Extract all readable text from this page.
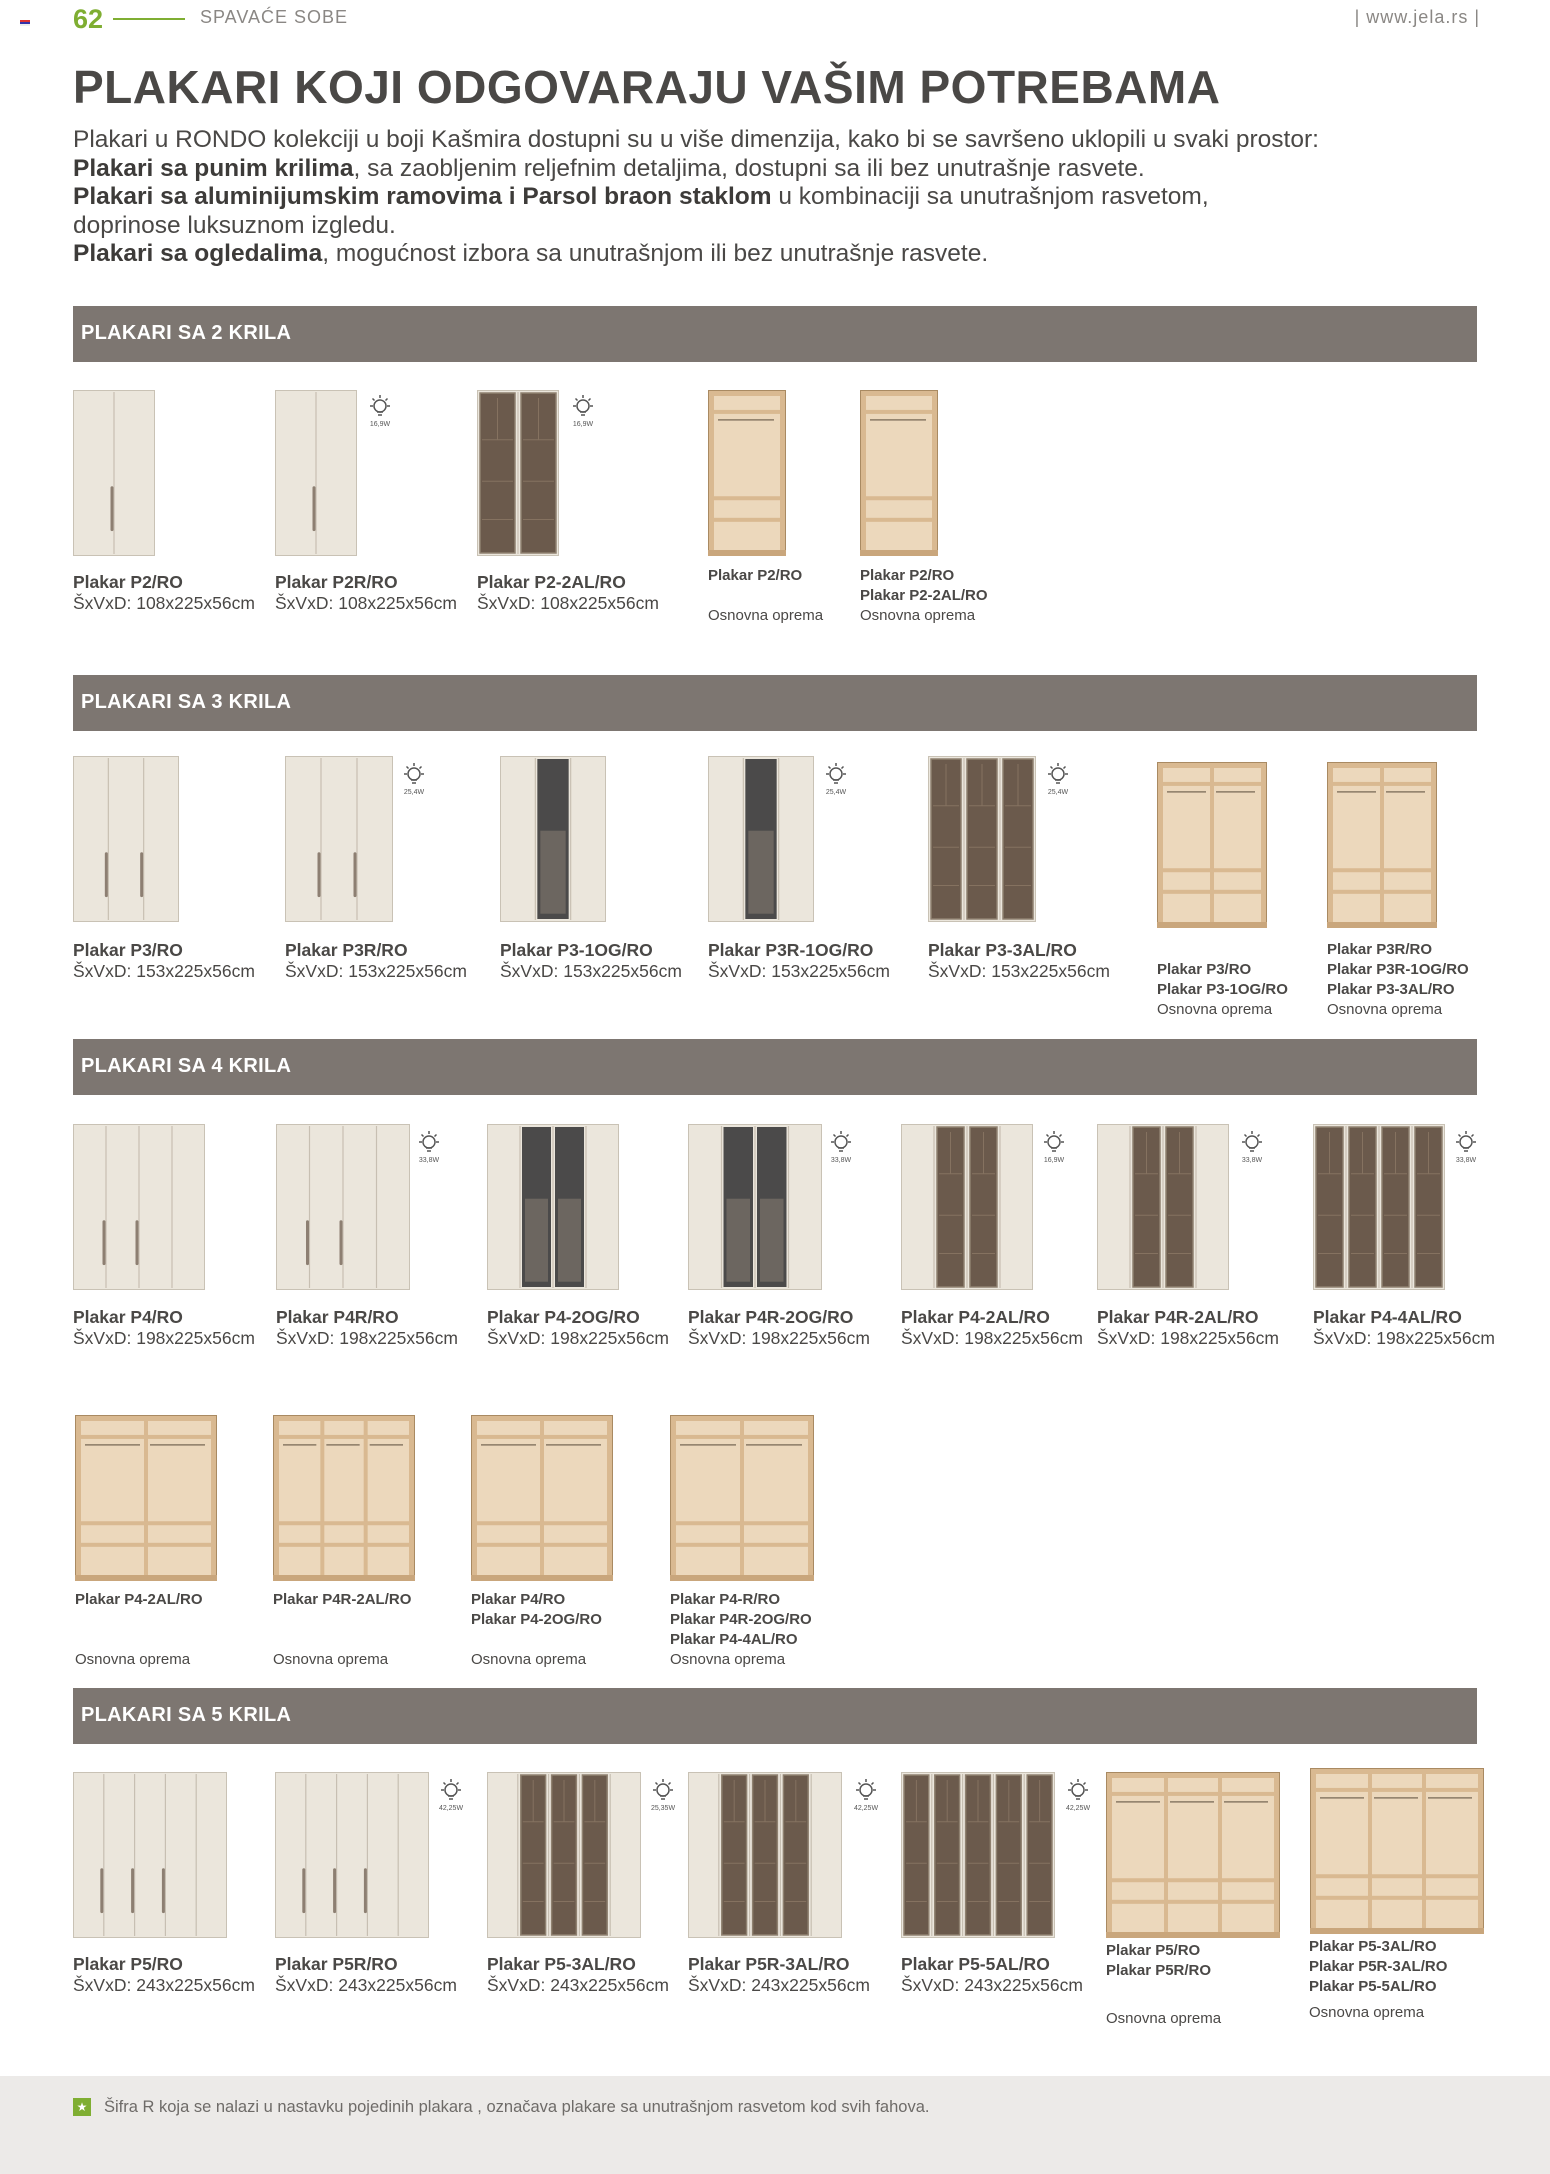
62	SPAVAĆE SOBE	| www.jela.rs |
PLAKARI KOJI ODGOVARAJU VAŠIM POTREBAMA
Plakari u RONDO kolekciji u boji Kašmira dostupni su u više dimenzija, kako bi se savršeno uklopili u svaki prostor:
Plakari sa punim krilima, sa zaobljenim reljefnim detaljima, dostupni sa ili bez unutrašnje rasvete.
Plakari sa aluminijumskim ramovima i Parsol braon staklom u kombinaciji sa unutrašnjom rasvetom,
doprinose luksuznom izgledu.
Plakari sa ogledalima, mogućnost izbora sa unutrašnjom ili bez unutrašnje rasvete.
PLAKARI SA 2 KRILA
PLAKARI SA 3 KRILA
PLAKARI SA 4 KRILA
PLAKARI SA 5 KRILA
16,9W	16,9W
Plakar P2/RO
ŠxVxD: 108x225x56cm
Plakar P2R/RO
ŠxVxD: 108x225x56cm
Plakar P2-2AL/RO
ŠxVxD: 108x225x56cm
Plakar P2/RO
Osnovna oprema
Plakar P2/RO
Plakar P2-2AL/RO
Osnovna oprema
25,4W	25,4W	25,4W
Plakar P3/RO
ŠxVxD: 153x225x56cm
Plakar P3R/RO
ŠxVxD: 153x225x56cm
Plakar P3-1OG/RO
ŠxVxD: 153x225x56cm
Plakar P3R-1OG/RO
ŠxVxD: 153x225x56cm
Plakar P3-3AL/RO
ŠxVxD: 153x225x56cm	Plakar P3/RO
Plakar P3-1OG/RO
Osnovna oprema
Plakar P3R/RO
Plakar P3R-1OG/RO
Plakar P3-3AL/RO
Osnovna oprema
33,8W	33,8W	16,9W	33,8W	33,8W
Plakar P4/RO
ŠxVxD: 198x225x56cm
Plakar P4R/RO
ŠxVxD: 198x225x56cm
Plakar P4-2OG/RO
ŠxVxD: 198x225x56cm
Plakar P4R-2OG/RO
ŠxVxD: 198x225x56cm
Plakar P4-2AL/RO
ŠxVxD: 198x225x56cm
Plakar P4R-2AL/RO
ŠxVxD: 198x225x56cm
Plakar P4-4AL/RO
ŠxVxD: 198x225x56cm
Plakar P4-2AL/RO
Osnovna oprema
Plakar P4R-2AL/RO
Osnovna oprema
Plakar P4/RO
Plakar P4-2OG/RO
Osnovna oprema
Plakar P4-R/RO
Plakar P4R-2OG/RO
Plakar P4-4AL/RO
Osnovna oprema
42,25W	25,35W	42,25W	42,25W
Plakar P5/RO
ŠxVxD: 243x225x56cm
Plakar P5R/RO
ŠxVxD: 243x225x56cm
Plakar P5-3AL/RO
ŠxVxD: 243x225x56cm
Plakar P5R-3AL/RO
ŠxVxD: 243x225x56cm
Plakar P5-5AL/RO
ŠxVxD: 243x225x56cm
Plakar P5/RO
Plakar P5R/RO
Osnovna oprema
Plakar P5-3AL/RO
Plakar P5R-3AL/RO
Plakar P5-5AL/RO
Osnovna oprema
★ Šifra R koja se nalazi u nastavku pojedinih plakara , označava plakare sa unutrašnjom rasvetom kod svih fahova.
